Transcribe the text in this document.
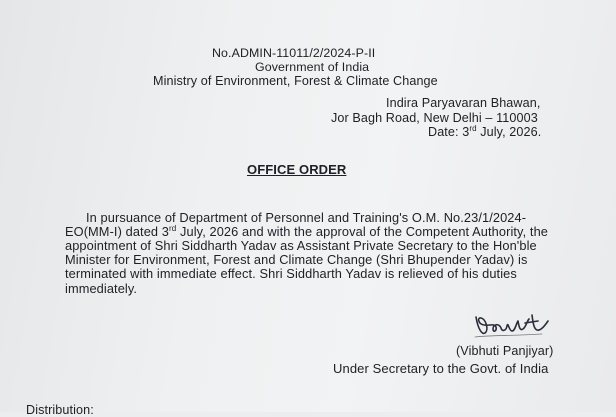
No.ADMIN-11011/2/2024-P-II
Government of India
Ministry of Environment, Forest & Climate Change
Indira Paryavaran Bhawan,
Jor Bagh Road, New Delhi – 110003
Date: 3rd July, 2026.
OFFICE ORDER
In pursuance of Department of Personnel and Training's O.M. No.23/1/2024-
EO(MM-I) dated 3rd July, 2026 and with the approval of the Competent Authority, the
appointment of Shri Siddharth Yadav as Assistant Private Secretary to the Hon'ble
Minister for Environment, Forest and Climate Change (Shri Bhupender Yadav) is
terminated with immediate effect. Shri Siddharth Yadav is relieved of his duties
immediately.
(Vibhuti Panjiyar)
Under Secretary to the Govt. of India
Distribution:
